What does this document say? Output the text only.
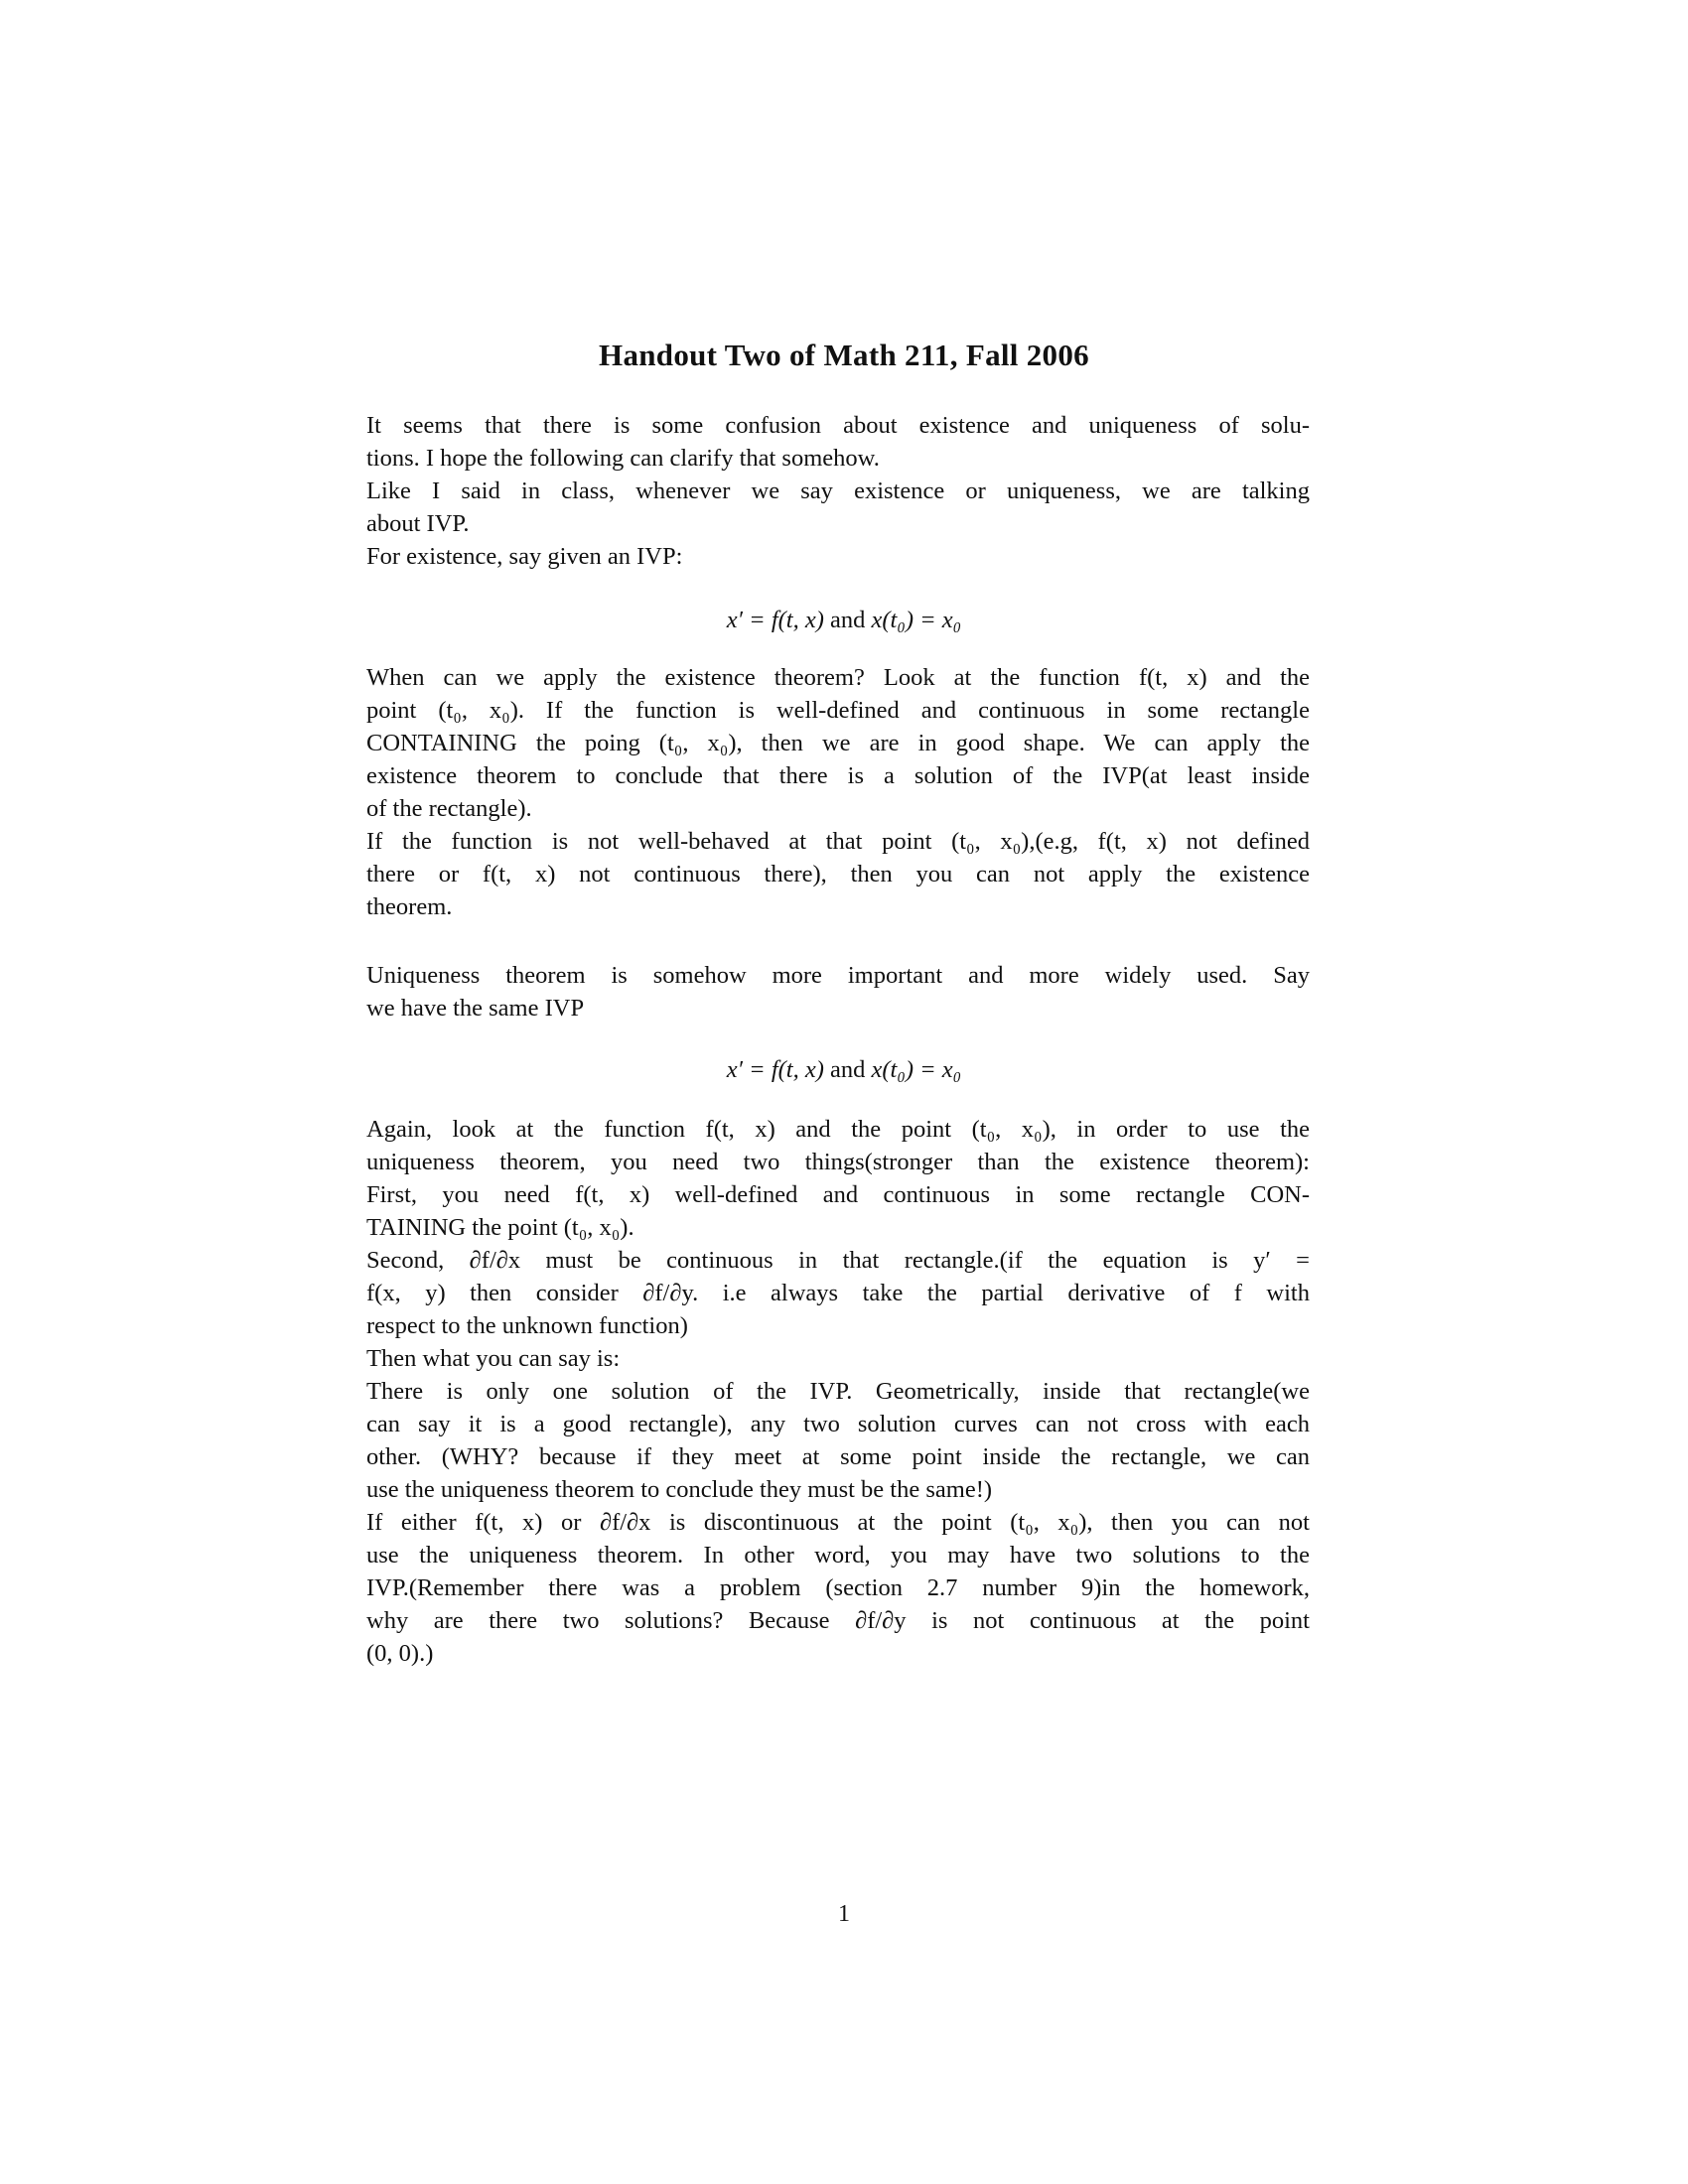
Handout Two of Math 211, Fall 2006
It seems that there is some confusion about existence and uniqueness of solu-
tions. I hope the following can clarify that somehow.
Like I said in class, whenever we say existence or uniqueness, we are talking
about IVP.
For existence, say given an IVP:
When can we apply the existence theorem? Look at the function f(t, x) and the
point (t₀, x₀). If the function is well-defined and continuous in some rectangle
CONTAINING the poing (t₀, x₀), then we are in good shape. We can apply the
existence theorem to conclude that there is a solution of the IVP(at least inside
of the rectangle).
If the function is not well-behaved at that point (t₀, x₀),(e.g, f(t, x) not defined
there or f(t, x) not continuous there), then you can not apply the existence
theorem.
Uniqueness theorem is somehow more important and more widely used. Say
we have the same IVP
Again, look at the function f(t, x) and the point (t₀, x₀), in order to use the
uniqueness theorem, you need two things(stronger than the existence theorem):
First, you need f(t, x) well-defined and continuous in some rectangle CON-
TAINING the point (t₀, x₀).
Second, ∂f/∂x must be continuous in that rectangle.(if the equation is y′ =
f(x, y) then consider ∂f/∂y. i.e always take the partial derivative of f with
respect to the unknown function)
Then what you can say is:
There is only one solution of the IVP. Geometrically, inside that rectangle(we
can say it is a good rectangle), any two solution curves can not cross with each
other. (WHY? because if they meet at some point inside the rectangle, we can
use the uniqueness theorem to conclude they must be the same!)
If either f(t, x) or ∂f/∂x is discontinuous at the point (t₀, x₀), then you can not
use the uniqueness theorem. In other word, you may have two solutions to the
IVP.(Remember there was a problem (section 2.7 number 9)in the homework,
why are there two solutions? Because ∂f/∂y is not continuous at the point
(0, 0).)
x′ = f(t, x) and x(t₀) = x₀
x′ = f(t, x) and x(t₀) = x₀
1
